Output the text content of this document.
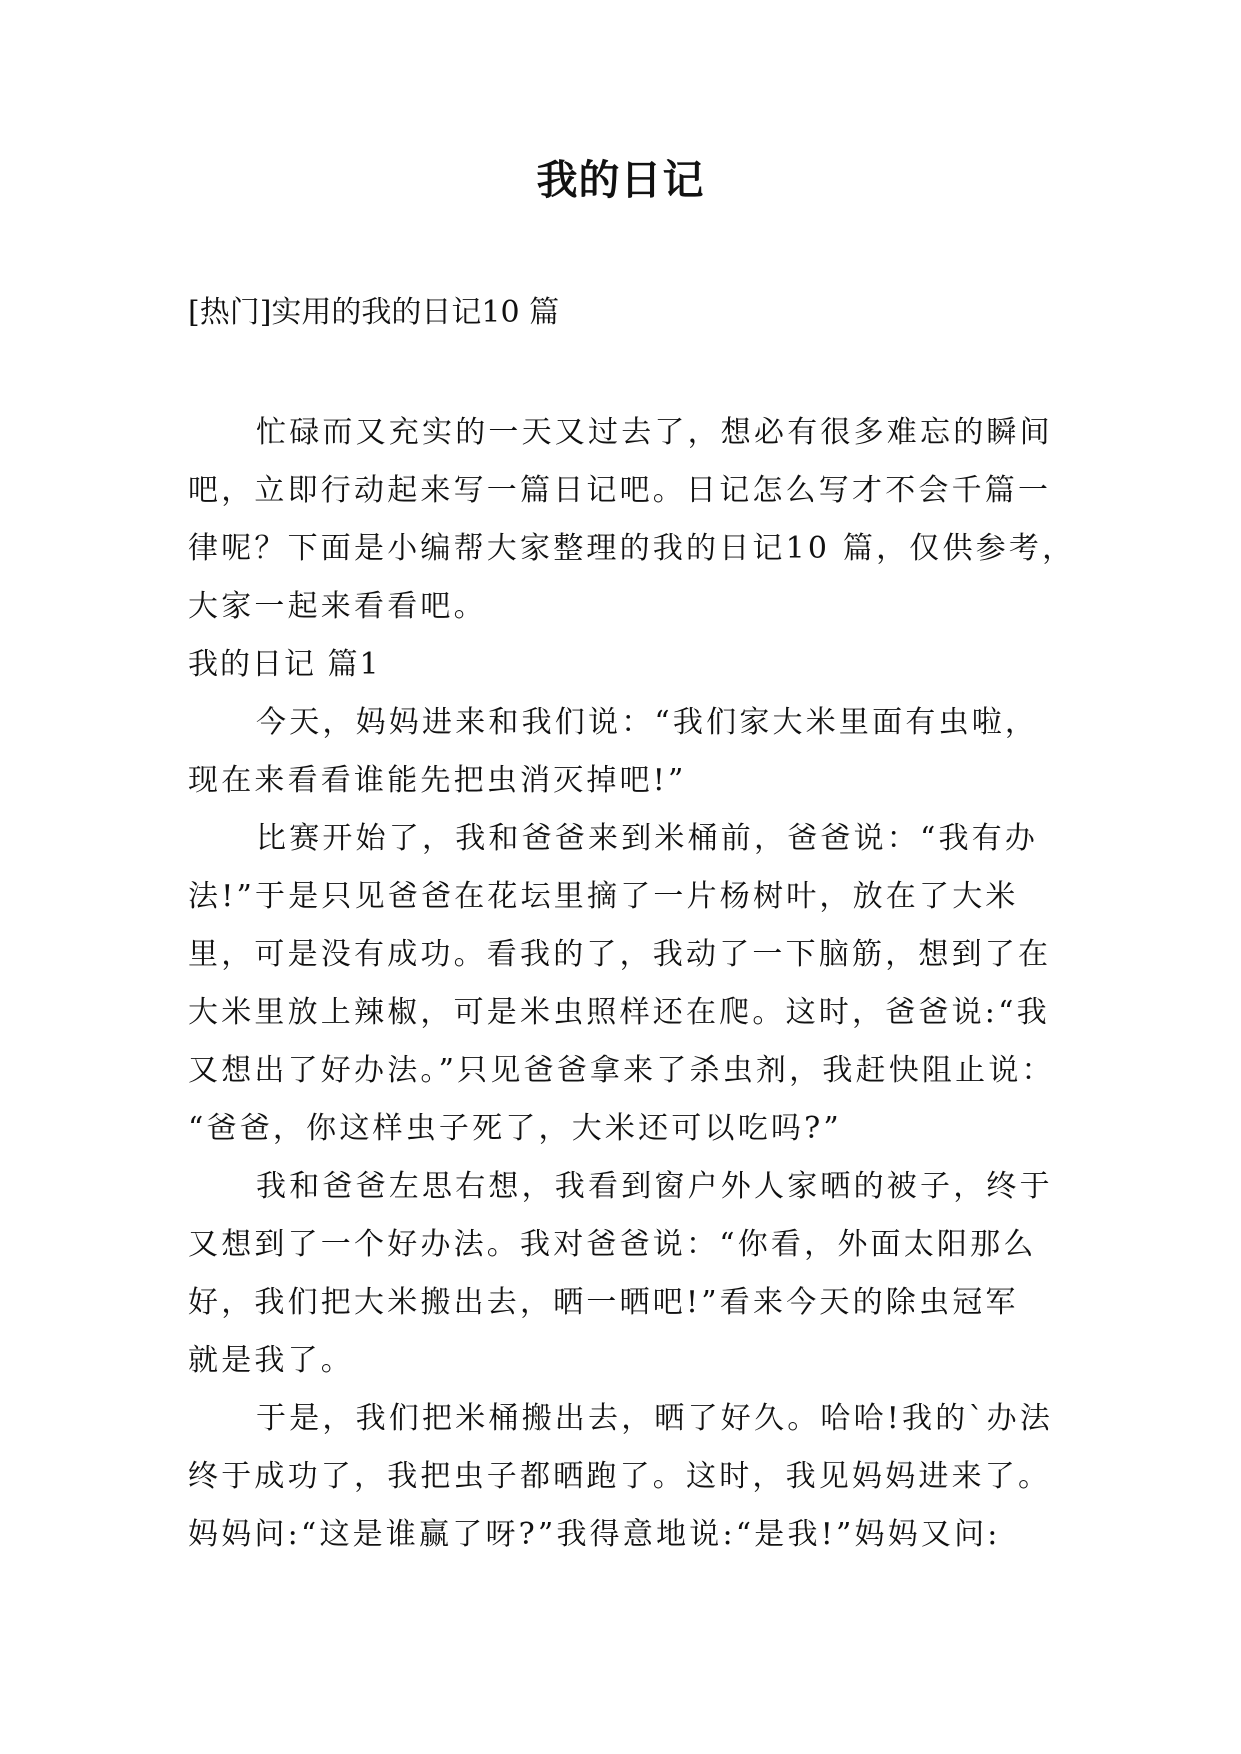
我的日记
[热门]实用的我的日记10 篇
忙碌而又充实的一天又过去了，想必有很多难忘的瞬间
吧，立即行动起来写一篇日记吧。日记怎么写才不会千篇一
律呢？下面是小编帮大家整理的我的日记10 篇，仅供参考，
大家一起来看看吧。
我的日记 篇1
今天，妈妈进来和我们说：“我们家大米里面有虫啦，
现在来看看谁能先把虫消灭掉吧!”
比赛开始了，我和爸爸来到米桶前，爸爸说：“我有办
法!”于是只见爸爸在花坛里摘了一片杨树叶，放在了大米
里，可是没有成功。看我的了，我动了一下脑筋，想到了在
大米里放上辣椒，可是米虫照样还在爬。这时，爸爸说:“我
又想出了好办法。”只见爸爸拿来了杀虫剂，我赶快阻止说：
“爸爸，你这样虫子死了，大米还可以吃吗?”
我和爸爸左思右想，我看到窗户外人家晒的被子，终于
又想到了一个好办法。我对爸爸说：“你看，外面太阳那么
好，我们把大米搬出去，晒一晒吧!”看来今天的除虫冠军
就是我了。
于是，我们把米桶搬出去，晒了好久。哈哈!我的`办法
终于成功了，我把虫子都晒跑了。这时，我见妈妈进来了。
妈妈问:“这是谁赢了呀?”我得意地说:“是我!”妈妈又问:
